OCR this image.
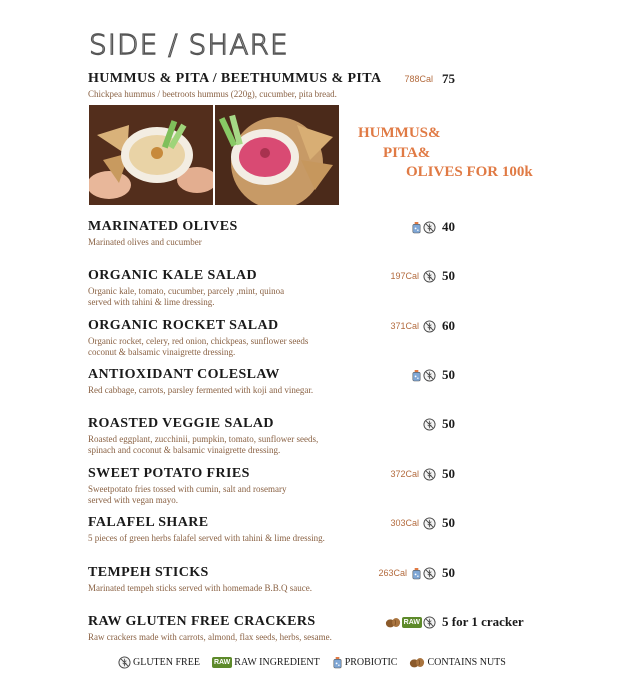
SIDE / SHARE
HUMMUS & PITA / BEETHUMMUS & PITA
Chickpea hummus / beetroots hummus (220g), cucumber, pita bread.
788Cal 75
HUMMUS&
PITA&
OLIVES FOR 100k
MARINATED OLIVES
Marinated olives and cucumber
40
ORGANIC KALE SALAD
Organic kale, tomato, cucumber, parcely ,mint, quinoa
served with tahini & lime dressing.
197Cal	50
ORGANIC ROCKET SALAD
Organic rocket, celery, red onion, chickpeas, sunflower seeds
coconut & balsamic vinaigrette dressing.
371Cal	60
ANTIOXIDANT COLESLAW
Red cabbage, carrots, parsley fermented with koji and vinegar.
50
ROASTED VEGGIE SALAD
Roasted eggplant, zucchinii, pumpkin, tomato, sunflower seeds,
spinach and coconut & balsamic vinaigrette dressing.
50
SWEET POTATO FRIES
Sweetpotato fries tossed with cumin, salt and rosemary
served with vegan mayo.
372Cal	50
FALAFEL SHARE
5 pieces of green herbs falafel served with tahini & lime dressing.
303Cal	50
TEMPEH STICKS
Marinated tempeh sticks served with homemade B.B.Q sauce.
263Cal	50
RAW GLUTEN FREE CRACKERS
Raw crackers made with carrots, almond, flax seeds, herbs, sesame.
RAW	5 for 1 cracker
GLUTEN FREE RAW RAW INGREDIENT	PROBIOTIC	CONTAINS NUTS
